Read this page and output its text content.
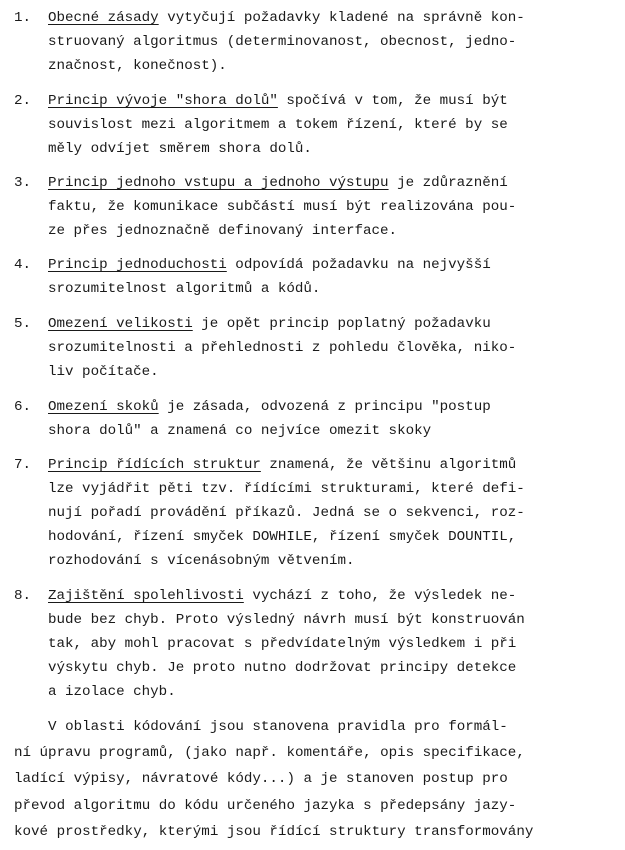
1.	Obecné zásady vytyčují požadavky kladené na správně kon-
struovaný algoritmus (determinovanost, obecnost, jedno-
značnost, konečnost).
2.	Princip vývoje "shora dolů" spočívá v tom, že musí být
souvislost mezi algoritmem a tokem řízení, které by se
měly odvíjet směrem shora dolů.
3.	Princip jednoho vstupu a jednoho výstupu je zdůraznění
faktu, že komunikace subčástí musí být realizována pou-
ze přes jednoznačně definovaný interface.
4.	Princip jednoduchosti odpovídá požadavku na nejvyšší
srozumitelnost algoritmů a kódů.
5.	Omezení velikosti je opět princip poplatný požadavku
srozumitelnosti a přehlednosti z pohledu člověka, niko-
liv počítače.
6.	Omezení skoků je zásada, odvozená z principu "postup
shora dolů" a znamená co nejvíce omezit skoky
7.	Princip řídících struktur znamená, že většinu algoritmů
lze vyjádřit pěti tzv. řídícími strukturami, které defi-
nují pořadí provádění příkazů. Jedná se o sekvenci, roz-
hodování, řízení smyček DOWHILE, řízení smyček DOUNTIL,
rozhodování s vícenásobným větvením.
8.	Zajištění spolehlivosti vychází z toho, že výsledek ne-
bude bez chyb. Proto výsledný návrh musí být konstruován
tak, aby mohl pracovat s předvídatelným výsledkem i při
výskytu chyb. Je proto nutno dodržovat principy detekce
a izolace chyb.
V oblasti kódování jsou stanovena pravidla pro formál-
ní úpravu programů, (jako např. komentáře, opis specifikace,
ladící výpisy, návratové kódy...) a je stanoven postup pro
převod algoritmu do kódu určeného jazyka s předepsány jazy-
kové prostředky, kterými jsou řídící struktury transformovány
